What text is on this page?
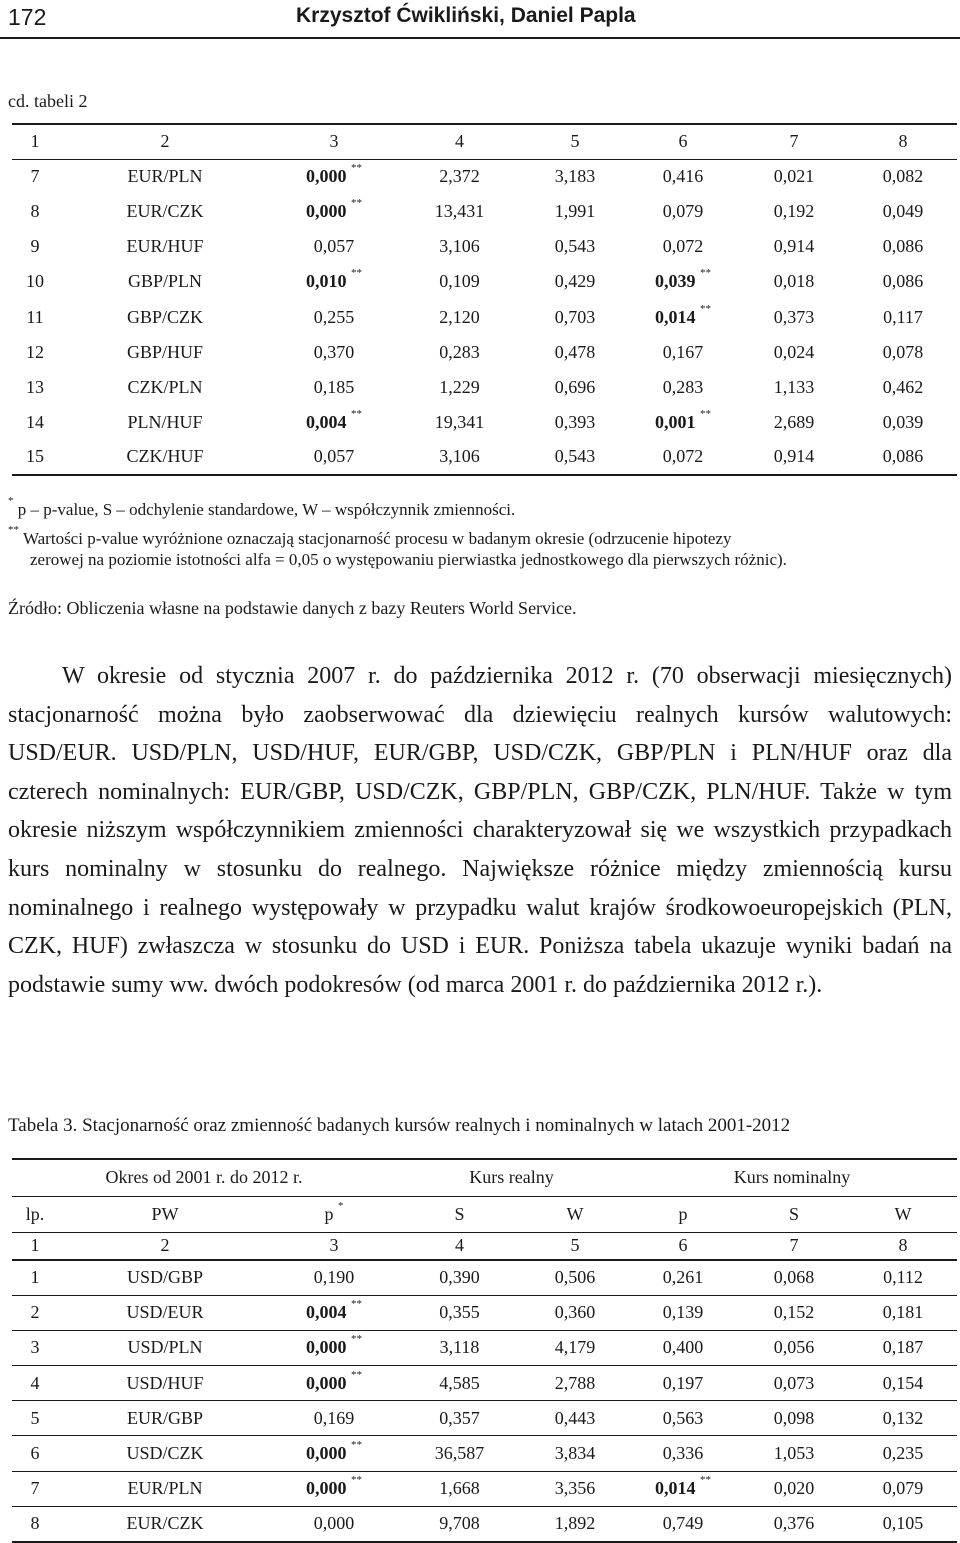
172	Krzysztof Ćwikliński, Daniel Papla
cd. tabeli 2
1	2	3	4	5	6	7	8
7	EUR/PLN	0,000 **	2,372	3,183	0,416	0,021	0,082
8	EUR/CZK	0,000 **	13,431	1,991	0,079	0,192	0,049
9	EUR/HUF	0,057	3,106	0,543	0,072	0,914	0,086
10	GBP/PLN	0,010 **	0,109	0,429	0,039 **	0,018	0,086
11	GBP/CZK	0,255	2,120	0,703	0,014 **	0,373	0,117
12	GBP/HUF	0,370	0,283	0,478	0,167	0,024	0,078
13	CZK/PLN	0,185	1,229	0,696	0,283	1,133	0,462
14	PLN/HUF	0,004 **	19,341	0,393	0,001 **	2,689	0,039
15	CZK/HUF	0,057	3,106	0,543	0,072	0,914	0,086
* p – p-value, S – odchylenie standardowe, W – współczynnik zmienności.
** Wartości p-value wyróżnione oznaczają stacjonarność procesu w badanym okresie (odrzucenie hipotezy
zerowej na poziomie istotności alfa = 0,05 o występowaniu pierwiastka jednostkowego dla pierwszych różnic).
Źródło: Obliczenia własne na podstawie danych z bazy Reuters World Service.

W okresie od stycznia 2007 r. do października 2012 r. (70 obserwacji miesięcznych) stacjonarność można było zaobserwować dla dziewięciu realnych kursów walutowych: USD/EUR. USD/PLN, USD/HUF, EUR/GBP, USD/CZK, GBP/PLN i PLN/HUF oraz dla czterech nominalnych: EUR/GBP, USD/CZK, GBP/PLN, GBP/CZK, PLN/HUF. Także w tym okresie niższym współczynnikiem zmienności charakteryzował się we wszystkich przypadkach kurs nominalny w stosunku do realnego. Największe różnice między zmiennością kursu nominalnego i realnego występowały w przypadku walut krajów środkowoeuropejskich (PLN, CZK, HUF) zwłaszcza w stosunku do USD i EUR. Poniższa tabela ukazuje wyniki badań na podstawie sumy ww. dwóch podokresów (od marca 2001 r. do października 2012 r.).

Tabela 3. Stacjonarność oraz zmienność badanych kursów realnych i nominalnych w latach 2001-2012
Okres od 2001 r. do 2012 r.			Kurs realny		Kurs nominalny		
lp.	PW	p *	S	W	p	S	W
1	2	3	4	5	6	7	8
1	USD/GBP	0,190	0,390	0,506	0,261	0,068	0,112
2	USD/EUR	0,004 **	0,355	0,360	0,139	0,152	0,181
3	USD/PLN	0,000 **	3,118	4,179	0,400	0,056	0,187
4	USD/HUF	0,000 **	4,585	2,788	0,197	0,073	0,154
5	EUR/GBP	0,169	0,357	0,443	0,563	0,098	0,132
6	USD/CZK	0,000 **	36,587	3,834	0,336	1,053	0,235
7	EUR/PLN	0,000 **	1,668	3,356	0,014 **	0,020	0,079
8	EUR/CZK	0,000	9,708	1,892	0,749	0,376	0,105
